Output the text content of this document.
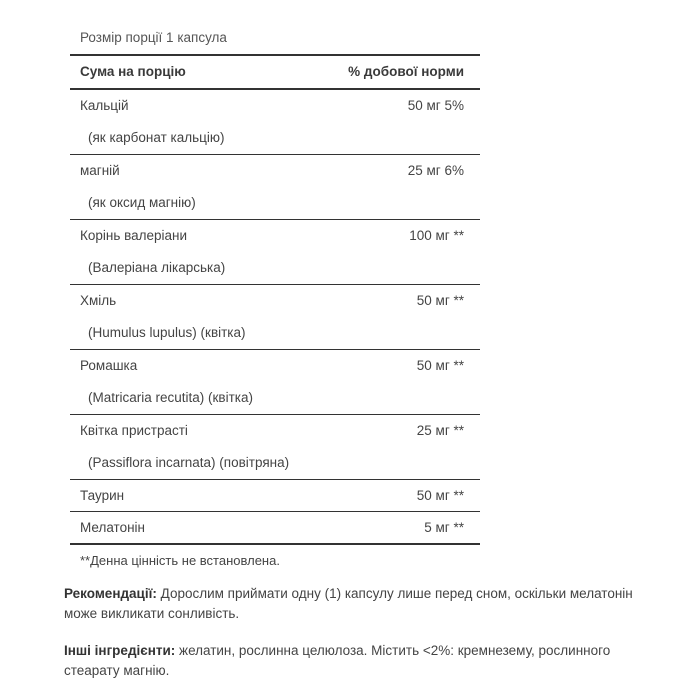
Розмір порції 1 капсула
Сума на порцію	% добової норми
Кальцій	50 мг 5%
(як карбонат кальцію)
магній	25 мг 6%
(як оксид магнію)
Корінь валеріани	100 мг **
(Валеріана лікарська)
Хміль	50 мг **
(Humulus lupulus) (квітка)
Ромашка	50 мг **
(Matricaria recutita) (квітка)
Квітка пристрасті	25 мг **
(Passiflora incarnata) (повітряна)
Таурин	50 мг **
Мелатонін	5 мг **
**Денна цінність не встановлена.
Рекомендації: Дорослим приймати одну (1) капсулу лише перед сном, оскільки мелатонін може викликати сонливість.
Інші інгредієнти: желатин, рослинна целюлоза. Містить <2%: кремнезему, рослинного стеарату магнію.
